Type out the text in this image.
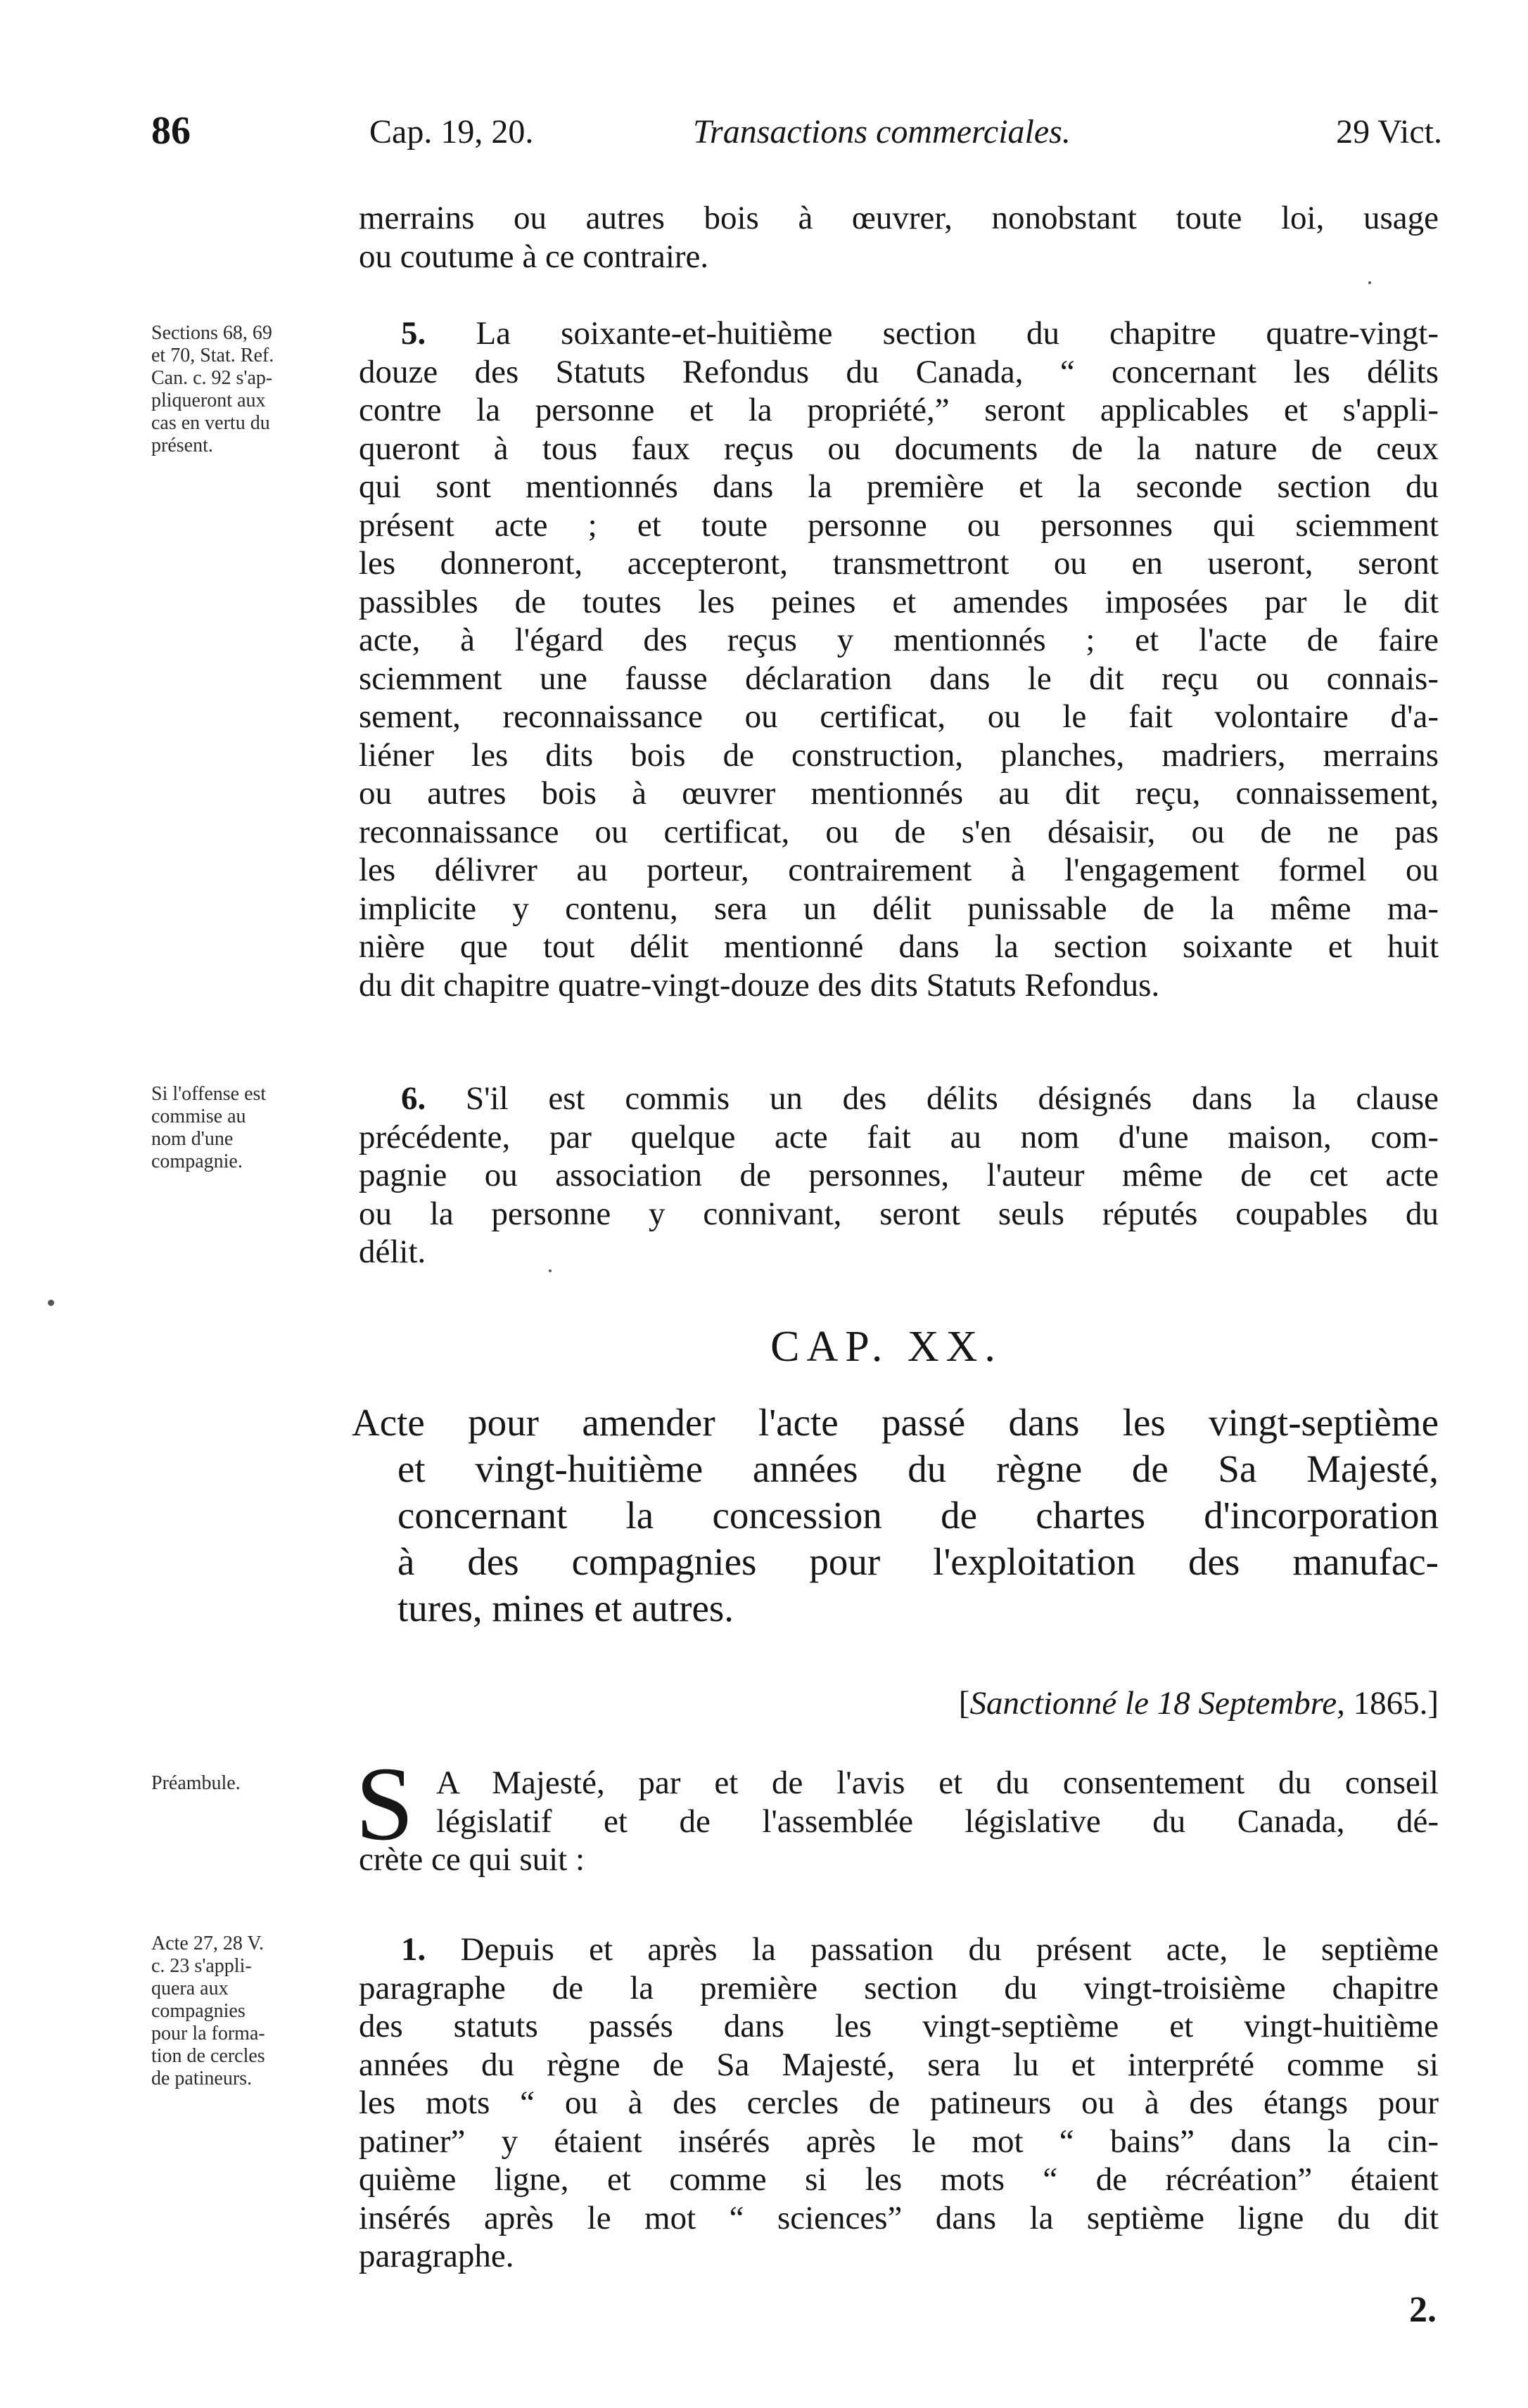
86	Cap. 19, 20.	Transactions commerciales.	29 Vict.
merrains ou autres bois à œuvrer, nonobstant toute loi, usage
ou coutume à ce contraire.
Sections 68, 69
et 70, Stat. Ref.
Can. c. 92 s'ap-
pliqueront aux
cas en vertu du
présent.
5. La soixante-et-huitième section du chapitre quatre-vingt-
douze des Statuts Refondus du Canada, “ concernant les délits
contre la personne et la propriété,” seront applicables et s'appli-
queront à tous faux reçus ou documents de la nature de ceux
qui sont mentionnés dans la première et la seconde section du
présent acte ; et toute personne ou personnes qui sciemment
les donneront, accepteront, transmettront ou en useront, seront
passibles de toutes les peines et amendes imposées par le dit
acte, à l'égard des reçus y mentionnés ; et l'acte de faire
sciemment une fausse déclaration dans le dit reçu ou connais-
sement, reconnaissance ou certificat, ou le fait volontaire d'a-
liéner les dits bois de construction, planches, madriers, merrains
ou autres bois à œuvrer mentionnés au dit reçu, connaissement,
reconnaissance ou certificat, ou de s'en désaisir, ou de ne pas
les délivrer au porteur, contrairement à l'engagement formel ou
implicite y contenu, sera un délit punissable de la même ma-
nière que tout délit mentionné dans la section soixante et huit
du dit chapitre quatre-vingt-douze des dits Statuts Refondus.
Si l'offense est
commise au
nom d'une
compagnie.
6. S'il est commis un des délits désignés dans la clause
précédente, par quelque acte fait au nom d'une maison, com-
pagnie ou association de personnes, l'auteur même de cet acte
ou la personne y connivant, seront seuls réputés coupables du
délit.
CAP. XX.
Acte pour amender l'acte passé dans les vingt-septième
et vingt-huitième années du règne de Sa Majesté,
concernant la concession de chartes d'incorporation
à des compagnies pour l'exploitation des manufac-
tures, mines et autres.
[Sanctionné le 18 Septembre, 1865.]
Préambule.	S A Majesté, par et de l'avis et du consentement du conseil
législatif et de l'assemblée législative du Canada, dé-
crète ce qui suit :
Acte 27, 28 V.
c. 23 s'appli-
quera aux
compagnies
pour la forma-
tion de cercles
de patineurs.
1. Depuis et après la passation du présent acte, le septième
paragraphe de la première section du vingt-troisième chapitre
des statuts passés dans les vingt-septième et vingt-huitième
années du règne de Sa Majesté, sera lu et interprété comme si
les mots “ ou à des cercles de patineurs ou à des étangs pour
patiner” y étaient insérés après le mot “ bains” dans la cin-
quième ligne, et comme si les mots “ de récréation” étaient
insérés après le mot “ sciences” dans la septième ligne du dit
paragraphe.
2.
